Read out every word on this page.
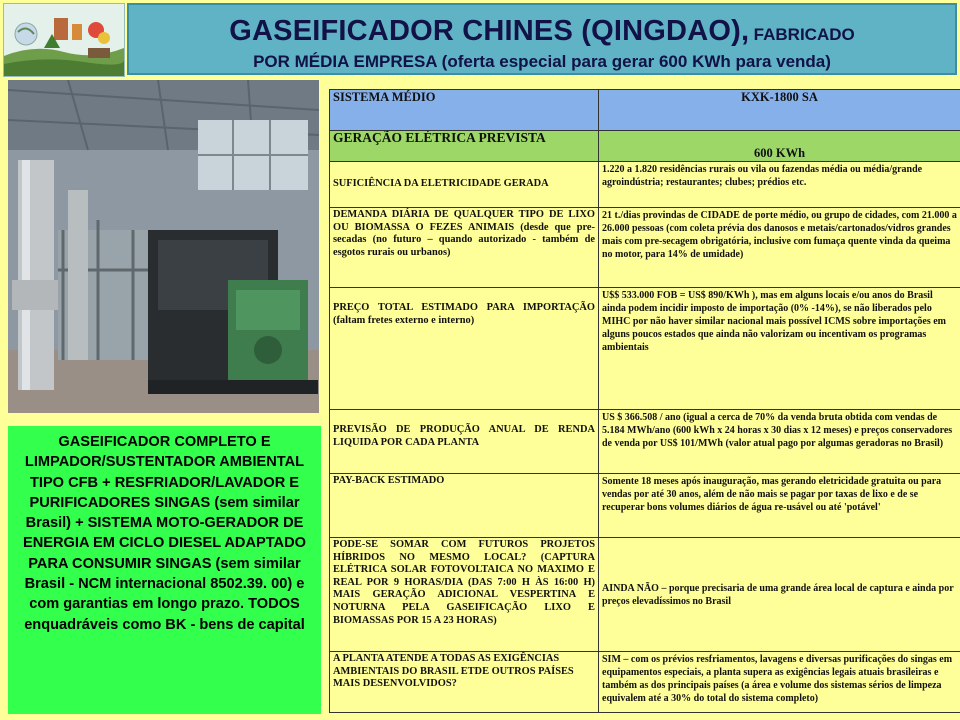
GASEIFICADOR CHINES (QINGDAO), FABRICADO
POR MÉDIA EMPRESA (oferta especial para gerar 600 KWh para venda)
GASEIFICADOR COMPLETO E LIMPADOR/SUSTENTADOR AMBIENTAL TIPO CFB + RESFRIADOR/LAVADOR E PURIFICADORES SINGAS (sem similar Brasil) + SISTEMA MOTO-GERADOR DE ENERGIA EM CICLO DIESEL ADAPTADO PARA CONSUMIR SINGAS (sem similar Brasil - NCM internacional 8502.39. 00) e com garantias em longo prazo. TODOS enquadráveis como BK - bens de capital
SISTEMA MÉDIO	KXK-1800 SA
GERAÇÃO ELÉTRICA PREVISTA	600 KWh
SUFICIÊNCIA DA ELETRICIDADE GERADA	1.220 a 1.820 residências rurais ou vila ou fazendas média ou média/grande agroindústria; restaurantes; clubes; prédios etc.
DEMANDA DIÁRIA DE QUALQUER TIPO DE LIXO OU BIOMASSA O FEZES ANIMAIS (desde que pre-secadas (no futuro – quando autorizado - também de esgotos rurais ou urbanos)	21 t./dias provindas de CIDADE de porte médio, ou grupo de cidades, com 21.000 a 26.000 pessoas (com coleta prévia dos danosos e metais/cartonados/vidros grandes mais com pre-secagem obrigatória, inclusive com fumaça quente vinda da queima no motor, para 14% de umidade)
PREÇO TOTAL ESTIMADO PARA IMPORTAÇÃO (faltam fretes externo e interno)	U$$ 533.000 FOB = US$ 890/KWh ), mas em alguns locais e/ou anos do Brasil ainda podem incidir imposto de importação (0% -14%), se não liberados pelo MIHC por não haver similar nacional mais possível ICMS sobre importações em alguns poucos estados que ainda não valorizam ou incentivam os programas ambientais
PREVISÃO DE PRODUÇÃO ANUAL DE RENDA LIQUIDA POR CADA PLANTA	US $ 366.508 / ano (igual a cerca de 70% da venda bruta obtida com vendas de 5.184 MWh/ano (600 kWh x 24 horas x 30 dias x 12 meses) e preços conservadores de venda por US$ 101/MWh (valor atual pago por algumas geradoras no Brasil)
PAY-BACK ESTIMADO	Somente 18 meses após inauguração, mas gerando eletricidade gratuita ou para vendas por até 30 anos, além de não mais se pagar por taxas de lixo e de se recuperar bons volumes diários de água re-usável ou até 'potável'
PODE-SE SOMAR COM FUTUROS PROJETOS HÍBRIDOS NO MESMO LOCAL? (CAPTURA ELÉTRICA SOLAR FOTOVOLTAICA NO MAXIMO E REAL POR 9 HORAS/DIA (DAS 7:00 H ÀS 16:00 H) MAIS GERAÇÃO ADICIONAL VESPERTINA E NOTURNA PELA GASEIFICAÇÃO LIXO E BIOMASSAS POR 15 A 23 HORAS)	AINDA NÃO – porque precisaria de uma grande área local de captura e ainda por preços elevadíssimos no Brasil
A PLANTA ATENDE A TODAS AS EXIGÊNCIAS AMBIENTAIS DO BRASIL ETDE OUTROS PAÍSES MAIS DESENVOLVIDOS?	SIM – com os prévios resfriamentos, lavagens e diversas purificações do singas em equipamentos especiais, a planta supera as exigências legais atuais brasileiras e também as dos principais países (a área e volume dos sistemas sérios de limpeza equivalem até a 30% do total do sistema completo)
